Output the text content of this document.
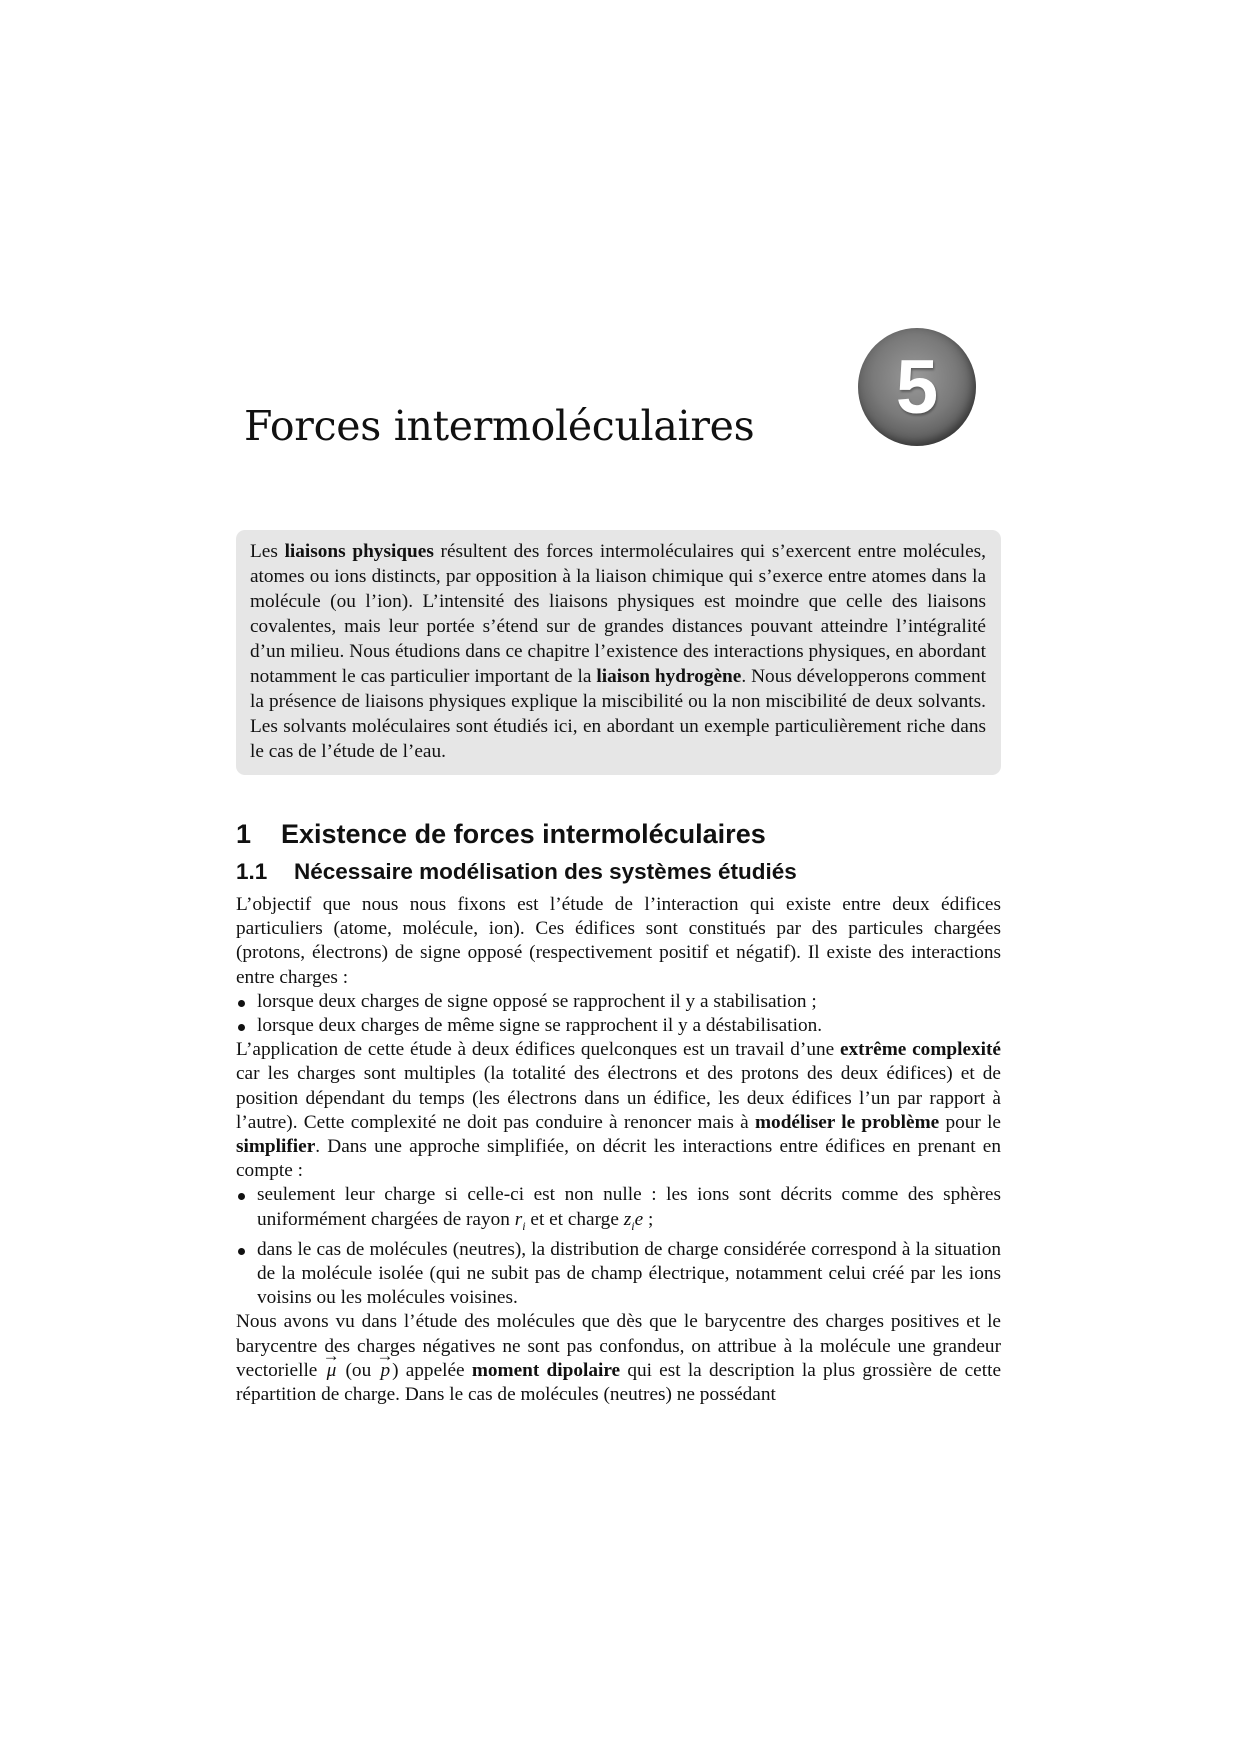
Forces intermoléculaires	5
Les liaisons physiques résultent des forces intermoléculaires qui s’exercent entre molécules, atomes ou ions distincts, par opposition à la liaison chimique qui s’exerce entre atomes dans la molécule (ou l’ion). L’intensité des liaisons physiques est moindre que celle des liaisons covalentes, mais leur portée s’étend sur de grandes distances pouvant atteindre l’intégralité d’un milieu. Nous étudions dans ce chapitre l’existence des interactions physiques, en abordant notamment le cas particulier important de la liaison hydrogène. Nous développerons comment la présence de liaisons physiques explique la miscibilité ou la non miscibilité de deux solvants. Les solvants moléculaires sont étudiés ici, en abordant un exemple particulièrement riche dans le cas de l’étude de l’eau.
1	Existence de forces intermoléculaires
1.1	Nécessaire modélisation des systèmes étudiés

L’objectif que nous nous fixons est l’étude de l’interaction qui existe entre deux édifices particuliers (atome, molécule, ion). Ces édifices sont constitués par des particules chargées (protons, électrons) de signe opposé (respectivement positif et négatif). Il existe des interactions entre charges :

lorsque deux charges de signe opposé se rapprochent il y a stabilisation ;
lorsque deux charges de même signe se rapprochent il y a déstabilisation.

L’application de cette étude à deux édifices quelconques est un travail d’une extrême complexité car les charges sont multiples (la totalité des électrons et des protons des deux édifices) et de position dépendant du temps (les électrons dans un édifice, les deux édifices l’un par rapport à l’autre). Cette complexité ne doit pas conduire à renoncer mais à modéliser le problème pour le simplifier. Dans une approche simplifiée, on décrit les interactions entre édifices en prenant en compte :

seulement leur charge si celle-ci est non nulle : les ions sont décrits comme des sphères uniformément chargées de rayon $r_i$ et et charge $z_ie$ ;
dans le cas de molécules (neutres), la distribution de charge considérée correspond à la situation de la molécule isolée (qui ne subit pas de champ électrique, notamment celui créé par les ions voisins ou les molécules voisines.

Nous avons vu dans l’étude des molécules que dès que le barycentre des charges positives et le barycentre des charges négatives ne sont pas confondus, on attribue à la molécule une grandeur vectorielle → μ (ou → p ) appelée moment dipolaire qui est la description la plus grossière de cette répartition de charge. Dans le cas de molécules (neutres) ne possédant
